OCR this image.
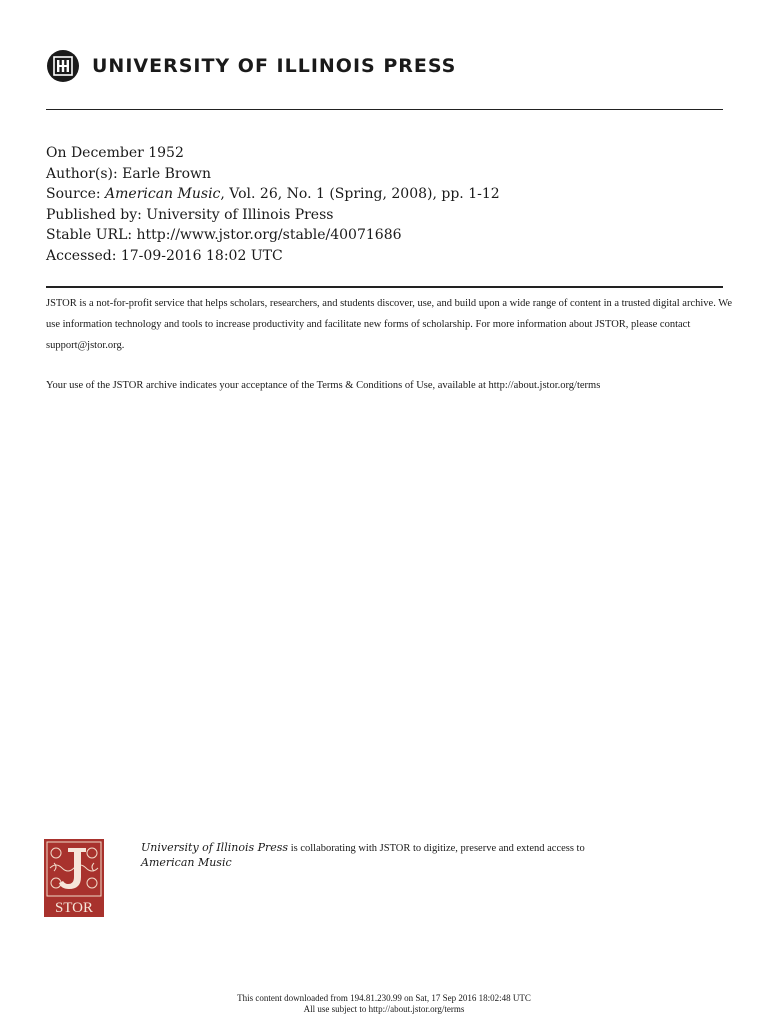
UNIVERSITY OF ILLINOIS PRESS
On December 1952
Author(s): Earle Brown
Source: American Music, Vol. 26, No. 1 (Spring, 2008), pp. 1-12
Published by: University of Illinois Press
Stable URL: http://www.jstor.org/stable/40071686
Accessed: 17-09-2016 18:02 UTC

JSTOR is a not-for-profit service that helps scholars, researchers, and students discover, use, and build upon a wide range of content in a trusted digital archive. We use information technology and tools to increase productivity and facilitate new forms of scholarship. For more information about JSTOR, please contact support@jstor.org.

Your use of the JSTOR archive indicates your acceptance of the Terms & Conditions of Use, available at http://about.jstor.org/terms

STOR
University of Illinois Press is collaborating with JSTOR to digitize, preserve and extend access to
American Music
This content downloaded from 194.81.230.99 on Sat, 17 Sep 2016 18:02:48 UTC
All use subject to http://about.jstor.org/terms
